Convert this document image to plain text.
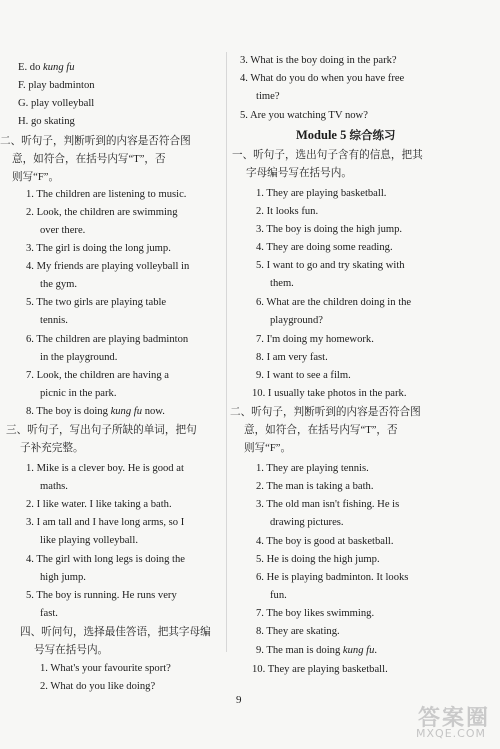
E. do kung fu
F. play badminton
G. play volleyball
H. go skating
二、听句子，判断听到的内容是否符合图
意，如符合，在括号内写“T”，否
则写“F”。
1. The children are listening to music.
2. Look, the children are swimming
over there.
3. The girl is doing the long jump.
4. My friends are playing volleyball in
the gym.
5. The two girls are playing table
tennis.
6. The children are playing badminton
in the playground.
7. Look, the children are having a
picnic in the park.
8. The boy is doing kung fu now.
三、听句子，写出句子所缺的单词，把句
子补充完整。
1. Mike is a clever boy. He is good at
maths.
2. I like water. I like taking a bath.
3. I am tall and I have long arms, so I
like playing volleyball.
4. The girl with long legs is doing the
high jump.
5. The boy is running. He runs very
fast.
四、听问句，选择最佳答语，把其字母编
号写在括号内。
1. What's your favourite sport?
2. What do you like doing?
3. What is the boy doing in the park?
4. What do you do when you have free
time?
5. Are you watching TV now?
Module 5 综合练习
一、听句子，选出句子含有的信息，把其
字母编号写在括号内。
1. They are playing basketball.
2. It looks fun.
3. The boy is doing the high jump.
4. They are doing some reading.
5. I want to go and try skating with
them.
6. What are the children doing in the
playground?
7. I'm doing my homework.
8. I am very fast.
9. I want to see a film.
10. I usually take photos in the park.
二、听句子，判断听到的内容是否符合图
意，如符合，在括号内写“T”，否
则写“F”。
1. They are playing tennis.
2. The man is taking a bath.
3. The old man isn't fishing. He is
drawing pictures.
4. The boy is good at basketball.
5. He is doing the high jump.
6. He is playing badminton. It looks
fun.
7. The boy likes swimming.
8. They are skating.
9. The man is doing kung fu.
10. They are playing basketball.
9
答案圈
MXQE.COM
